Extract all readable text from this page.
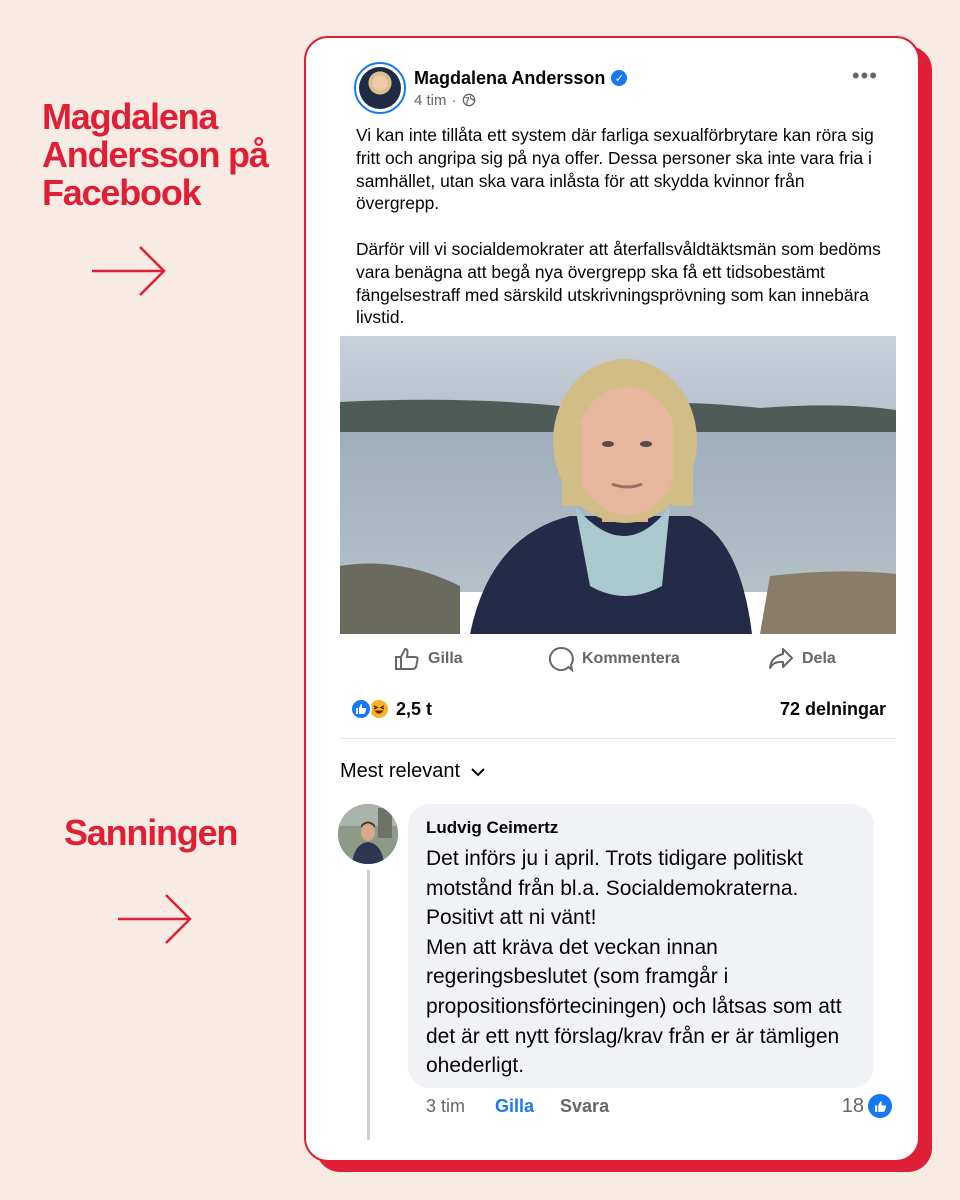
Magdalena Andersson på Facebook
Sanningen
Magdalena Andersson ✓
4 tim ·
•••

Vi kan inte tillåta ett system där farliga sexualförbrytare kan röra sig fritt och angripa sig på nya offer. Dessa personer ska inte vara fria i samhället, utan ska vara inlåsta för att skydda kvinnor från övergrepp.

Därför vill vi socialdemokrater att återfallsvåldtäktsmän som bedöms vara benägna att begå nya övergrepp ska få ett tidsobestämt fängelsestraff med särskild utskrivningsprövning som kan innebära livstid.

Gilla	Kommentera	Dela
2,5 t	72 delningar
Mest relevant
Ludvig Ceimertz
Det införs ju i april. Trots tidigare politiskt motstånd från bl.a. Socialdemokraterna. Positivt att ni vänt!
Men att kräva det veckan innan regeringsbeslutet (som framgår i propositionsförteciningen) och låtsas som att det är ett nytt förslag/krav från er är tämligen ohederligt.
3 tim Gilla Svara	18
